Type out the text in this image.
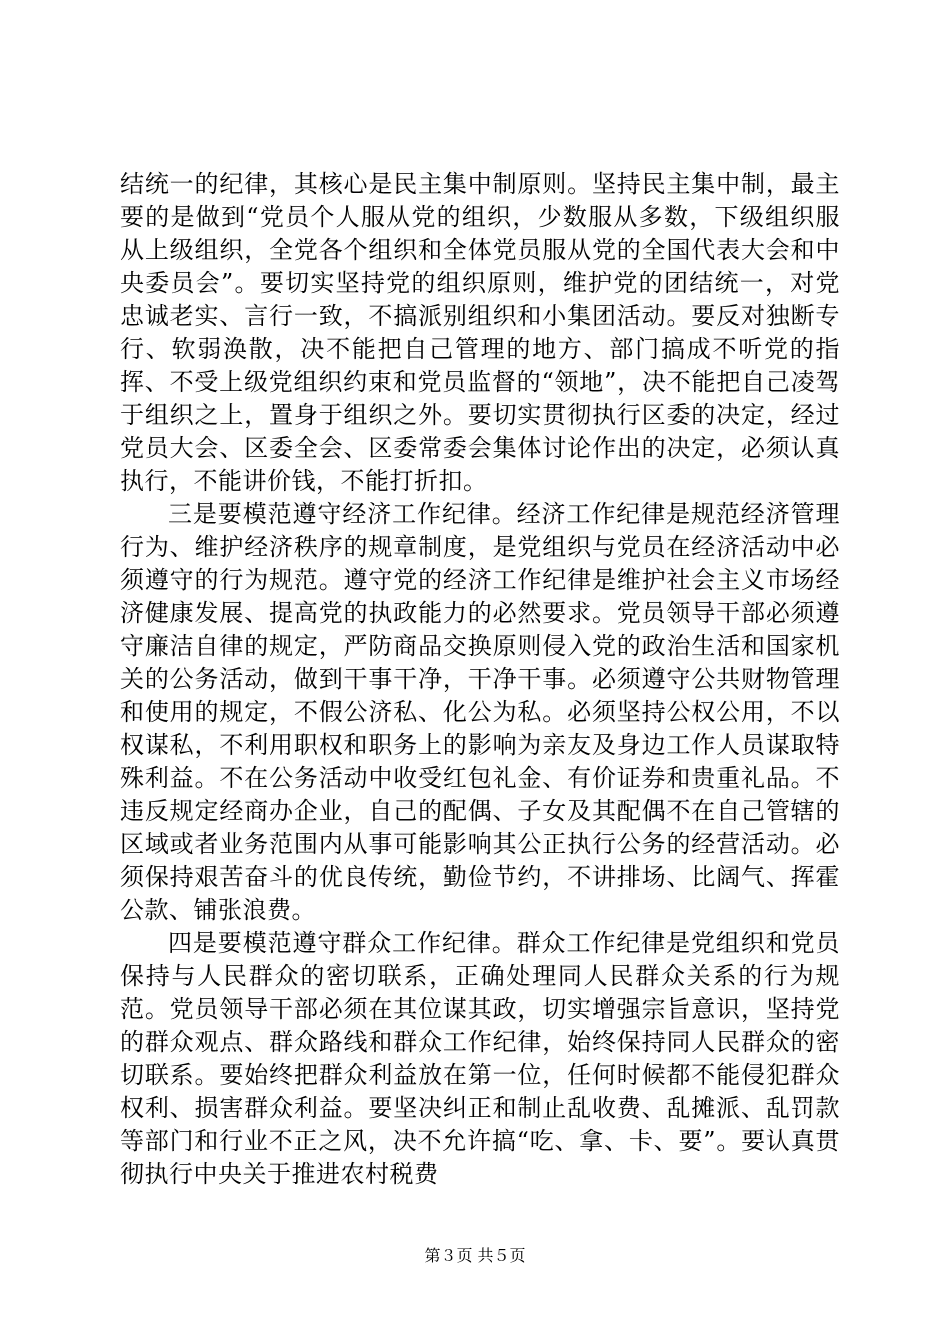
结统一的纪律，其核心是民主集中制原则。坚持民主集中制，最主要的是做到“党员个人服从党的组织，少数服从多数，下级组织服从上级组织，全党各个组织和全体党员服从党的全国代表大会和中央委员会”。要切实坚持党的组织原则，维护党的团结统一，对党忠诚老实、言行一致，不搞派别组织和小集团活动。要反对独断专行、软弱涣散，决不能把自己管理的地方、部门搞成不听党的指挥、不受上级党组织约束和党员监督的“领地”，决不能把自己凌驾于组织之上，置身于组织之外。要切实贯彻执行区委的决定，经过党员大会、区委全会、区委常委会集体讨论作出的决定，必须认真执行，不能讲价钱，不能打折扣。

三是要模范遵守经济工作纪律。经济工作纪律是规范经济管理行为、维护经济秩序的规章制度，是党组织与党员在经济活动中必须遵守的行为规范。遵守党的经济工作纪律是维护社会主义市场经济健康发展、提高党的执政能力的必然要求。党员领导干部必须遵守廉洁自律的规定，严防商品交换原则侵入党的政治生活和国家机关的公务活动，做到干事干净，干净干事。必须遵守公共财物管理和使用的规定，不假公济私、化公为私。必须坚持公权公用，不以权谋私，不利用职权和职务上的影响为亲友及身边工作人员谋取特殊利益。不在公务活动中收受红包礼金、有价证券和贵重礼品。不违反规定经商办企业，自己的配偶、子女及其配偶不在自己管辖的区域或者业务范围内从事可能影响其公正执行公务的经营活动。必须保持艰苦奋斗的优良传统，勤俭节约，不讲排场、比阔气、挥霍公款、铺张浪费。

四是要模范遵守群众工作纪律。群众工作纪律是党组织和党员保持与人民群众的密切联系，正确处理同人民群众关系的行为规范。党员领导干部必须在其位谋其政，切实增强宗旨意识，坚持党的群众观点、群众路线和群众工作纪律，始终保持同人民群众的密切联系。要始终把群众利益放在第一位，任何时候都不能侵犯群众权利、损害群众利益。要坚决纠正和制止乱收费、乱摊派、乱罚款等部门和行业不正之风，决不允许搞“吃、拿、卡、要”。要认真贯彻执行中央关于推进农村税费

第３页 共５页
